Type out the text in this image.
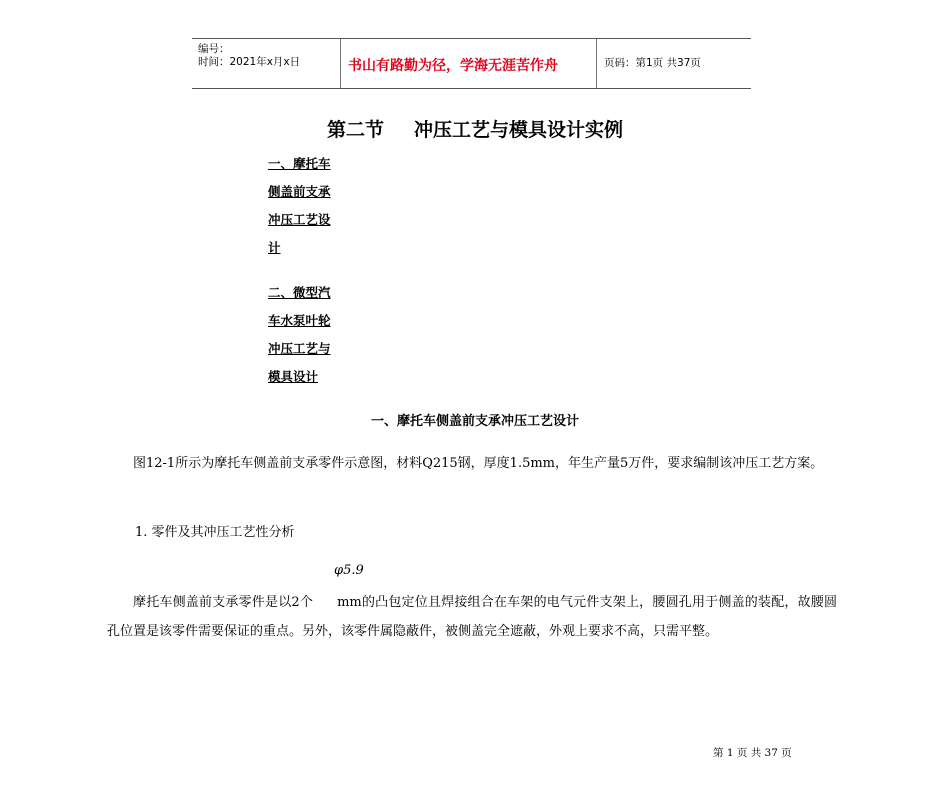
编号：
时间：2021年x月x日	书山有路勤为径，学海无涯苦作舟	页码：第1页 共37页
第二节 冲压工艺与模具设计实例
一、摩托车
侧盖前支承
冲压工艺设
计
二、微型汽
车水泵叶轮
冲压工艺与
模具设计
一、摩托车侧盖前支承冲压工艺设计
图12-1所示为摩托车侧盖前支承零件示意图，材料Q215钢，厚度1.5mm，年生产量5万件，要求编制该冲压工艺方案。
1. 零件及其冲压工艺性分析
φ5.9
摩托车侧盖前支承零件是以2个 mm的凸包定位且焊接组合在车架的电气元件支架上，腰圆孔用于侧盖的装配，故腰圆孔位置是该零件需要保证的重点。另外，该零件属隐蔽件，被侧盖完全遮蔽，外观上要求不高，只需平整。
第 1 页 共 37 页
